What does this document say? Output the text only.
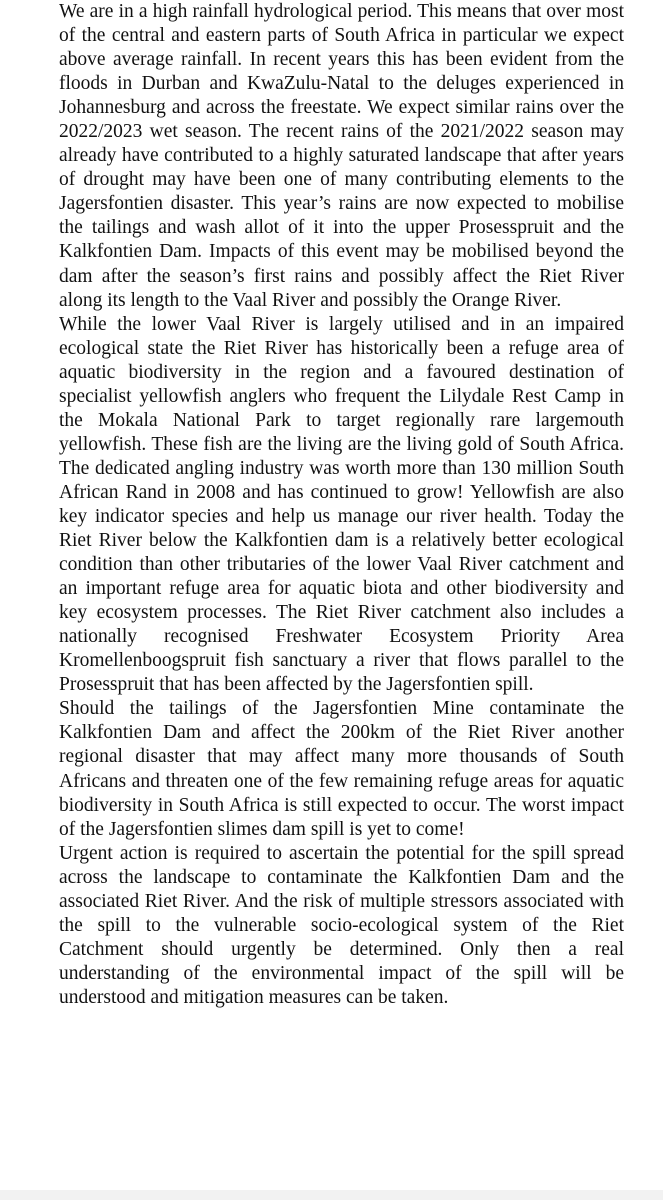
We are in a high rainfall hydrological period. This means that over most of the central and eastern parts of South Africa in particular we expect above average rainfall. In recent years this has been evident from the floods in Durban and KwaZulu-Natal to the deluges experienced in Johannesburg and across the freestate. We expect similar rains over the 2022/2023 wet season. The recent rains of the 2021/2022 season may already have contributed to a highly saturated landscape that after years of drought may have been one of many contributing elements to the Jagersfontien disaster. This year’s rains are now expected to mobilise the tailings and wash allot of it into the upper Prosesspruit and the Kalkfontien Dam. Impacts of this event may be mobilised beyond the dam after the season’s first rains and possibly affect the Riet River along its length to the Vaal River and possibly the Orange River.

While the lower Vaal River is largely utilised and in an impaired ecological state the Riet River has historically been a refuge area of aquatic biodiversity in the region and a favoured destination of specialist yellowfish anglers who frequent the Lilydale Rest Camp in the Mokala National Park to target regionally rare largemouth yellowfish. These fish are the living are the living gold of South Africa. The dedicated angling industry was worth more than 130 million South African Rand in 2008 and has continued to grow! Yellowfish are also key indicator species and help us manage our river health. Today the Riet River below the Kalkfontien dam is a relatively better ecological condition than other tributaries of the lower Vaal River catchment and an important refuge area for aquatic biota and other biodiversity and key ecosystem processes. The Riet River catchment also includes a nationally recognised Freshwater Ecosystem Priority Area Kromellenboogspruit fish sanctuary a river that flows parallel to the Prosesspruit that has been affected by the Jagersfontien spill.

Should the tailings of the Jagersfontien Mine contaminate the Kalkfontien Dam and affect the 200km of the Riet River another regional disaster that may affect many more thousands of South Africans and threaten one of the few remaining refuge areas for aquatic biodiversity in South Africa is still expected to occur. The worst impact of the Jagersfontien slimes dam spill is yet to come!

Urgent action is required to ascertain the potential for the spill spread across the landscape to contaminate the Kalkfontien Dam and the associated Riet River. And the risk of multiple stressors associated with the spill to the vulnerable socio-ecological system of the Riet Catchment should urgently be determined. Only then a real understanding of the environmental impact of the spill will be understood and mitigation measures can be taken.
